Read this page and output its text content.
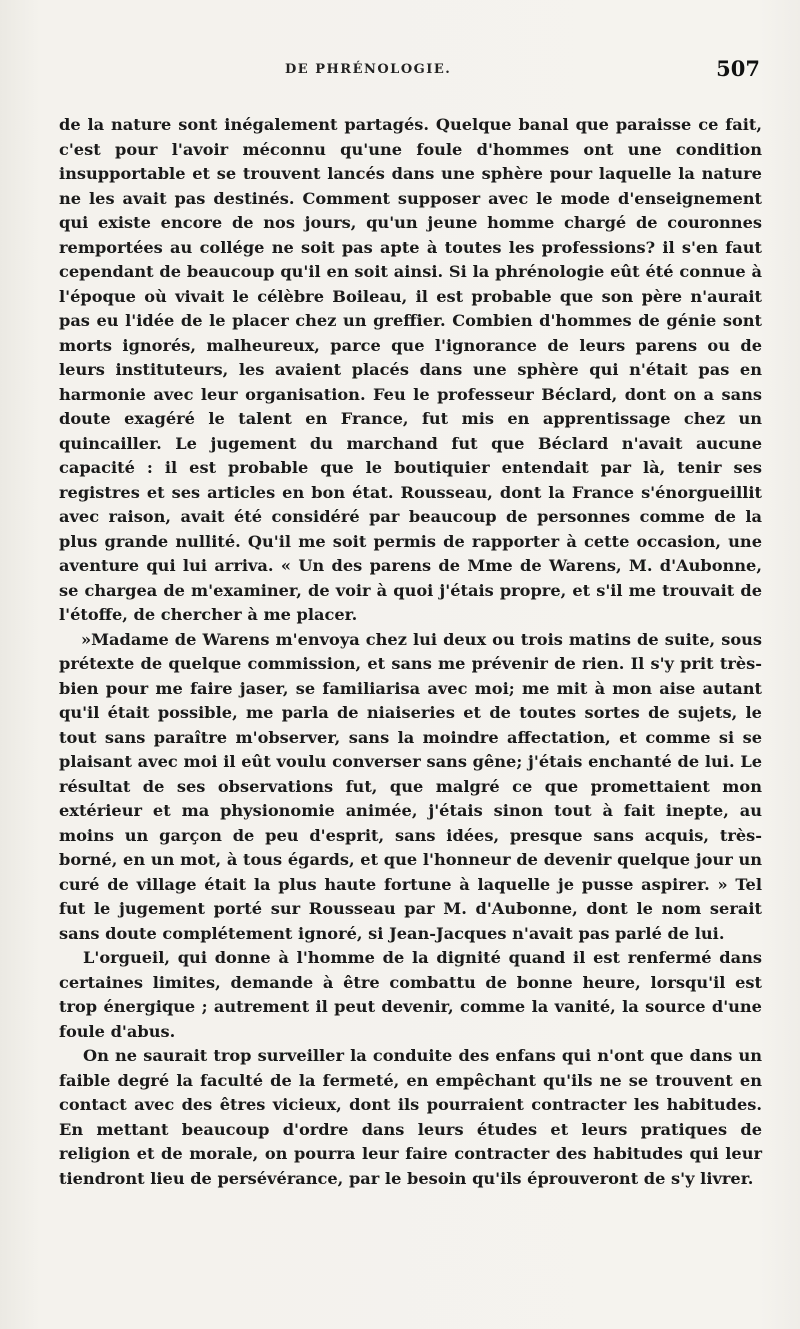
DE PHRÉNOLOGIE.	507

de la nature sont inégalement partagés. Quelque banal que paraisse ce fait, c'est pour l'avoir méconnu qu'une foule d'hommes ont une condition insupportable et se trouvent lancés dans une sphère pour laquelle la nature ne les avait pas destinés. Comment supposer avec le mode d'enseignement qui existe encore de nos jours, qu'un jeune homme chargé de couronnes remportées au collége ne soit pas apte à toutes les professions? il s'en faut cependant de beaucoup qu'il en soit ainsi. Si la phrénologie eût été connue à l'époque où vivait le célèbre Boileau, il est probable que son père n'aurait pas eu l'idée de le placer chez un greffier. Combien d'hommes de génie sont morts ignorés, malheureux, parce que l'ignorance de leurs parens ou de leurs instituteurs, les avaient placés dans une sphère qui n'était pas en harmonie avec leur organisation. Feu le professeur Béclard, dont on a sans doute exagéré le talent en France, fut mis en apprentissage chez un quincailler. Le jugement du marchand fut que Béclard n'avait aucune capacité : il est probable que le boutiquier entendait par là, tenir ses registres et ses articles en bon état. Rousseau, dont la France s'énorgueillit avec raison, avait été considéré par beaucoup de personnes comme de la plus grande nullité. Qu'il me soit permis de rapporter à cette occasion, une aventure qui lui arriva. « Un des parens de Mme de Warens, M. d'Aubonne, se chargea de m'examiner, de voir à quoi j'étais propre, et s'il me trouvait de l'étoffe, de chercher à me placer.

»Madame de Warens m'envoya chez lui deux ou trois matins de suite, sous prétexte de quelque commission, et sans me prévenir de rien. Il s'y prit très-bien pour me faire jaser, se familiarisa avec moi; me mit à mon aise autant qu'il était possible, me parla de niaiseries et de toutes sortes de sujets, le tout sans paraître m'observer, sans la moindre affectation, et comme si se plaisant avec moi il eût voulu converser sans gêne; j'étais enchanté de lui. Le résultat de ses observations fut, que malgré ce que promettaient mon extérieur et ma physionomie animée, j'étais sinon tout à fait inepte, au moins un garçon de peu d'esprit, sans idées, presque sans acquis, très-borné, en un mot, à tous égards, et que l'honneur de devenir quelque jour un curé de village était la plus haute fortune à laquelle je pusse aspirer. » Tel fut le jugement porté sur Rousseau par M. d'Aubonne, dont le nom serait sans doute complétement ignoré, si Jean-Jacques n'avait pas parlé de lui.

L'orgueil, qui donne à l'homme de la dignité quand il est renfermé dans certaines limites, demande à être combattu de bonne heure, lorsqu'il est trop énergique ; autrement il peut devenir, comme la vanité, la source d'une foule d'abus.

On ne saurait trop surveiller la conduite des enfans qui n'ont que dans un faible degré la faculté de la fermeté, en empêchant qu'ils ne se trouvent en contact avec des êtres vicieux, dont ils pourraient contracter les habitudes. En mettant beaucoup d'ordre dans leurs études et leurs pratiques de religion et de morale, on pourra leur faire contracter des habitudes qui leur tiendront lieu de persévérance, par le besoin qu'ils éprouveront de s'y livrer.
